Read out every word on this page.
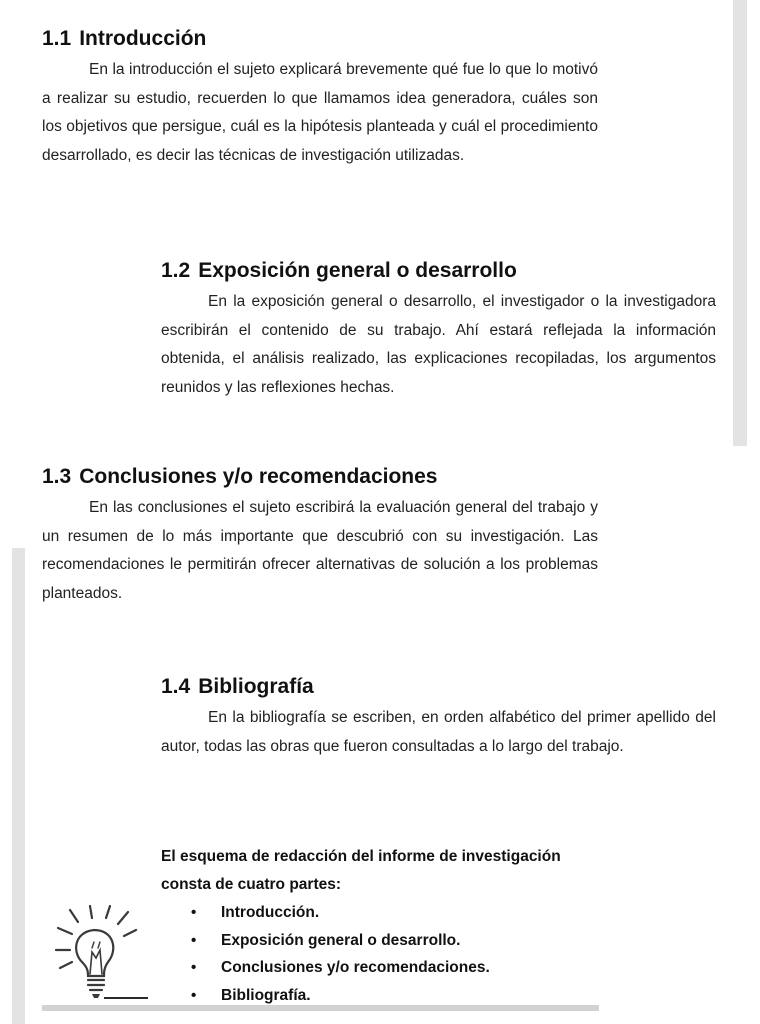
1.1 Introducción

En la introducción el sujeto explicará brevemente qué fue lo que lo motivó a realizar su estudio, recuerden lo que llamamos idea generadora, cuáles son los objetivos que persigue, cuál es la hipótesis planteada y cuál el procedimiento desarrollado, es decir las técnicas de investigación utilizadas.

1.2 Exposición general o desarrollo

En la exposición general o desarrollo, el investigador o la investigadora escribirán el contenido de su trabajo. Ahí estará reflejada la información obtenida, el análisis realizado, las explicaciones recopiladas, los argumentos reunidos y las reflexiones hechas.

1.3 Conclusiones y/o recomendaciones

En las conclusiones el sujeto escribirá la evaluación general del trabajo y un resumen de lo más importante que descubrió con su investigación. Las recomendaciones le permitirán ofrecer alternativas de solución a los problemas planteados.

1.4 Bibliografía

En la bibliografía se escriben, en orden alfabético del primer apellido del autor, todas las obras que fueron consultadas a lo largo del trabajo.

El esquema de redacción del informe de investigación consta de cuatro partes:

• Introducción.
• Exposición general o desarrollo.
• Conclusiones y/o recomendaciones.
• Bibliografía.
